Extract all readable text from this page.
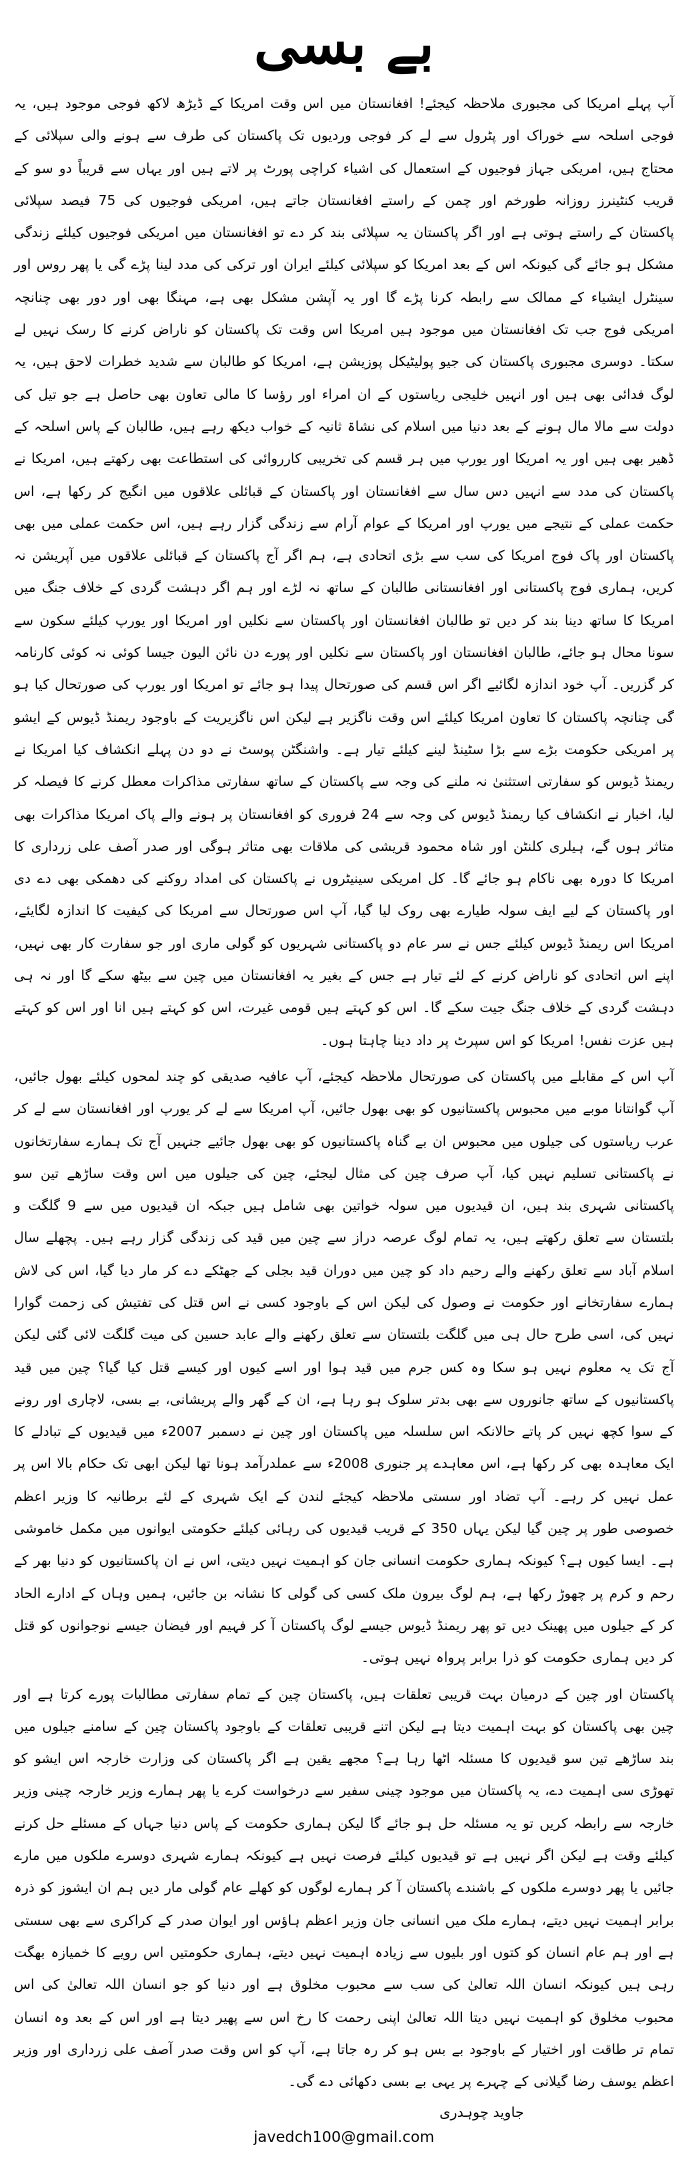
بے بسی

آپ پہلے امریکا کی مجبوری ملاحظہ کیجئے! افغانستان میں اس وقت امریکا کے ڈیڑھ لاکھ فوجی موجود ہیں، یہ فوجی اسلحہ سے خوراک اور پٹرول سے لے کر فوجی وردیوں تک پاکستان کی طرف سے ہونے والی سپلائی کے محتاج ہیں، امریکی جہاز فوجیوں کے استعمال کی اشیاء کراچی پورٹ پر لاتے ہیں اور یہاں سے قریباً دو سو کے قریب کنٹینرز روزانہ طورخم اور چمن کے راستے افغانستان جاتے ہیں، امریکی فوجیوں کی 75 فیصد سپلائی پاکستان کے راستے ہوتی ہے اور اگر پاکستان یہ سپلائی بند کر دے تو افغانستان میں امریکی فوجیوں کیلئے زندگی مشکل ہو جائے گی کیونکہ اس کے بعد امریکا کو سپلائی کیلئے ایران اور ترکی کی مدد لینا پڑے گی یا پھر روس اور سینٹرل ایشیاء کے ممالک سے رابطہ کرنا پڑے گا اور یہ آپشن مشکل بھی ہے، مہنگا بھی اور دور بھی چنانچہ امریکی فوج جب تک افغانستان میں موجود ہیں امریکا اس وقت تک پاکستان کو ناراض کرنے کا رسک نہیں لے سکتا۔ دوسری مجبوری پاکستان کی جیو پولیٹیکل پوزیشن ہے، امریکا کو طالبان سے شدید خطرات لاحق ہیں، یہ لوگ فدائی بھی ہیں اور انہیں خلیجی ریاستوں کے ان امراء اور رؤسا کا مالی تعاون بھی حاصل ہے جو تیل کی دولت سے مالا مال ہونے کے بعد دنیا میں اسلام کی نشاۃ ثانیہ کے خواب دیکھ رہے ہیں، طالبان کے پاس اسلحہ کے ڈھیر بھی ہیں اور یہ امریکا اور یورپ میں ہر قسم کی تخریبی کارروائی کی استطاعت بھی رکھتے ہیں، امریکا نے پاکستان کی مدد سے انہیں دس سال سے افغانستان اور پاکستان کے قبائلی علاقوں میں انگیج کر رکھا ہے، اس حکمت عملی کے نتیجے میں یورپ اور امریکا کے عوام آرام سے زندگی گزار رہے ہیں، اس حکمت عملی میں بھی پاکستان اور پاک فوج امریکا کی سب سے بڑی اتحادی ہے، ہم اگر آج پاکستان کے قبائلی علاقوں میں آپریشن نہ کریں، ہماری فوج پاکستانی اور افغانستانی طالبان کے ساتھ نہ لڑے اور ہم اگر دہشت گردی کے خلاف جنگ میں امریکا کا ساتھ دینا بند کر دیں تو طالبان افغانستان اور پاکستان سے نکلیں اور امریکا اور یورپ کیلئے سکون سے سونا محال ہو جائے، طالبان افغانستان اور پاکستان سے نکلیں اور پورے دن نائن الیون جیسا کوئی نہ کوئی کارنامہ کر گزریں۔ آپ خود اندازہ لگائیے اگر اس قسم کی صورتحال پیدا ہو جائے تو امریکا اور یورپ کی صورتحال کیا ہو گی چنانچہ پاکستان کا تعاون امریکا کیلئے اس وقت ناگزیر ہے لیکن اس ناگزیریت کے باوجود ریمنڈ ڈیوس کے ایشو پر امریکی حکومت بڑے سے بڑا سٹینڈ لینے کیلئے تیار ہے۔ واشنگٹن پوسٹ نے دو دن پہلے انکشاف کیا امریکا نے ریمنڈ ڈیوس کو سفارتی استثنیٰ نہ ملنے کی وجہ سے پاکستان کے ساتھ سفارتی مذاکرات معطل کرنے کا فیصلہ کر لیا، اخبار نے انکشاف کیا ریمنڈ ڈیوس کی وجہ سے 24 فروری کو افغانستان پر ہونے والے پاک امریکا مذاکرات بھی متاثر ہوں گے، ہیلری کلنٹن اور شاہ محمود قریشی کی ملاقات بھی متاثر ہوگی اور صدر آصف علی زرداری کا امریکا کا دورہ بھی ناکام ہو جائے گا۔ کل امریکی سینیٹروں نے پاکستان کی امداد روکنے کی دھمکی بھی دے دی اور پاکستان کے لیے ایف سولہ طیارے بھی روک لیا گیا، آپ اس صورتحال سے امریکا کی کیفیت کا اندازہ لگایئے، امریکا اس ریمنڈ ڈیوس کیلئے جس نے سر عام دو پاکستانی شہریوں کو گولی ماری اور جو سفارت کار بھی نہیں، اپنے اس اتحادی کو ناراض کرنے کے لئے تیار ہے جس کے بغیر یہ افغانستان میں چین سے بیٹھ سکے گا اور نہ ہی دہشت گردی کے خلاف جنگ جیت سکے گا۔ اس کو کہتے ہیں قومی غیرت، اس کو کہتے ہیں انا اور اس کو کہتے ہیں عزت نفس! امریکا کو اس سپرٹ پر داد دینا چاہتا ہوں۔

آپ اس کے مقابلے میں پاکستان کی صورتحال ملاحظہ کیجئے، آپ عافیہ صدیقی کو چند لمحوں کیلئے بھول جائیں، آپ گوانتانا موبے میں محبوس پاکستانیوں کو بھی بھول جائیں، آپ امریکا سے لے کر یورپ اور افغانستان سے لے کر عرب ریاستوں کی جیلوں میں محبوس ان بے گناہ پاکستانیوں کو بھی بھول جائیے جنہیں آج تک ہمارے سفارتخانوں نے پاکستانی تسلیم نہیں کیا، آپ صرف چین کی مثال لیجئے، چین کی جیلوں میں اس وقت ساڑھے تین سو پاکستانی شہری بند ہیں، ان قیدیوں میں سولہ خواتین بھی شامل ہیں جبکہ ان قیدیوں میں سے 9 گلگت و بلتستان سے تعلق رکھتے ہیں، یہ تمام لوگ عرصہ دراز سے چین میں قید کی زندگی گزار رہے ہیں۔ پچھلے سال اسلام آباد سے تعلق رکھنے والے رحیم داد کو چین میں دوران قید بجلی کے جھٹکے دے کر مار دیا گیا، اس کی لاش ہمارے سفارتخانے اور حکومت نے وصول کی لیکن اس کے باوجود کسی نے اس قتل کی تفتیش کی زحمت گوارا نہیں کی، اسی طرح حال ہی میں گلگت بلتستان سے تعلق رکھنے والے عابد حسین کی میت گلگت لائی گئی لیکن آج تک یہ معلوم نہیں ہو سکا وہ کس جرم میں قید ہوا اور اسے کیوں اور کیسے قتل کیا گیا؟ چین میں قید پاکستانیوں کے ساتھ جانوروں سے بھی بدتر سلوک ہو رہا ہے، ان کے گھر والے پریشانی، بے بسی، لاچاری اور رونے کے سوا کچھ نہیں کر پاتے حالانکہ اس سلسلہ میں پاکستان اور چین نے دسمبر 2007ء میں قیدیوں کے تبادلے کا ایک معاہدہ بھی کر رکھا ہے، اس معاہدے پر جنوری 2008ء سے عملدرآمد ہونا تھا لیکن ابھی تک حکام بالا اس پر عمل نہیں کر رہے۔ آپ تضاد اور سستی ملاحظہ کیجئے لندن کے ایک شہری کے لئے برطانیہ کا وزیر اعظم خصوصی طور پر چین گیا لیکن یہاں 350 کے قریب قیدیوں کی رہائی کیلئے حکومتی ایوانوں میں مکمل خاموشی ہے۔ ایسا کیوں ہے؟ کیونکہ ہماری حکومت انسانی جان کو اہمیت نہیں دیتی، اس نے ان پاکستانیوں کو دنیا بھر کے رحم و کرم پر چھوڑ رکھا ہے، ہم لوگ بیرون ملک کسی کی گولی کا نشانہ بن جائیں، ہمیں وہاں کے ادارے الحاد کر کے جیلوں میں پھینک دیں تو پھر ریمنڈ ڈیوس جیسے لوگ پاکستان آ کر فہیم اور فیضان جیسے نوجوانوں کو قتل کر دیں ہماری حکومت کو ذرا برابر پرواہ نہیں ہوتی۔

پاکستان اور چین کے درمیان بہت قریبی تعلقات ہیں، پاکستان چین کے تمام سفارتی مطالبات پورے کرتا ہے اور چین بھی پاکستان کو بہت اہمیت دیتا ہے لیکن اتنے قریبی تعلقات کے باوجود پاکستان چین کے سامنے جیلوں میں بند ساڑھے تین سو قیدیوں کا مسئلہ اٹھا رہا ہے؟ مجھے یقین ہے اگر پاکستان کی وزارت خارجہ اس ایشو کو تھوڑی سی اہمیت دے، یہ پاکستان میں موجود چینی سفیر سے درخواست کرے یا پھر ہمارے وزیر خارجہ چینی وزیر خارجہ سے رابطہ کریں تو یہ مسئلہ حل ہو جائے گا لیکن ہماری حکومت کے پاس دنیا جہاں کے مسئلے حل کرنے کیلئے وقت ہے لیکن اگر نہیں ہے تو قیدیوں کیلئے فرصت نہیں ہے کیونکہ ہمارے شہری دوسرے ملکوں میں مارے جائیں یا پھر دوسرے ملکوں کے باشندے پاکستان آ کر ہمارے لوگوں کو کھلے عام گولی مار دیں ہم ان ایشوز کو ذرہ برابر اہمیت نہیں دیتے، ہمارے ملک میں انسانی جان وزیر اعظم ہاؤس اور ایوان صدر کے کراکری سے بھی سستی ہے اور ہم عام انسان کو کتوں اور بلیوں سے زیادہ اہمیت نہیں دیتے، ہماری حکومتیں اس رویے کا خمیازہ بھگت رہی ہیں کیونکہ انسان اللہ تعالیٰ کی سب سے محبوب مخلوق ہے اور دنیا کو جو انسان اللہ تعالیٰ کی اس محبوب مخلوق کو اہمیت نہیں دیتا اللہ تعالیٰ اپنی رحمت کا رخ اس سے پھیر دیتا ہے اور اس کے بعد وہ انسان تمام تر طاقت اور اختیار کے باوجود بے بس ہو کر رہ جاتا ہے، آپ کو اس وقت صدر آصف علی زرداری اور وزیر اعظم یوسف رضا گیلانی کے چہرے پر یہی بے بسی دکھائی دے گی۔

جاوید چوہدری
javedch100@gmail.com
